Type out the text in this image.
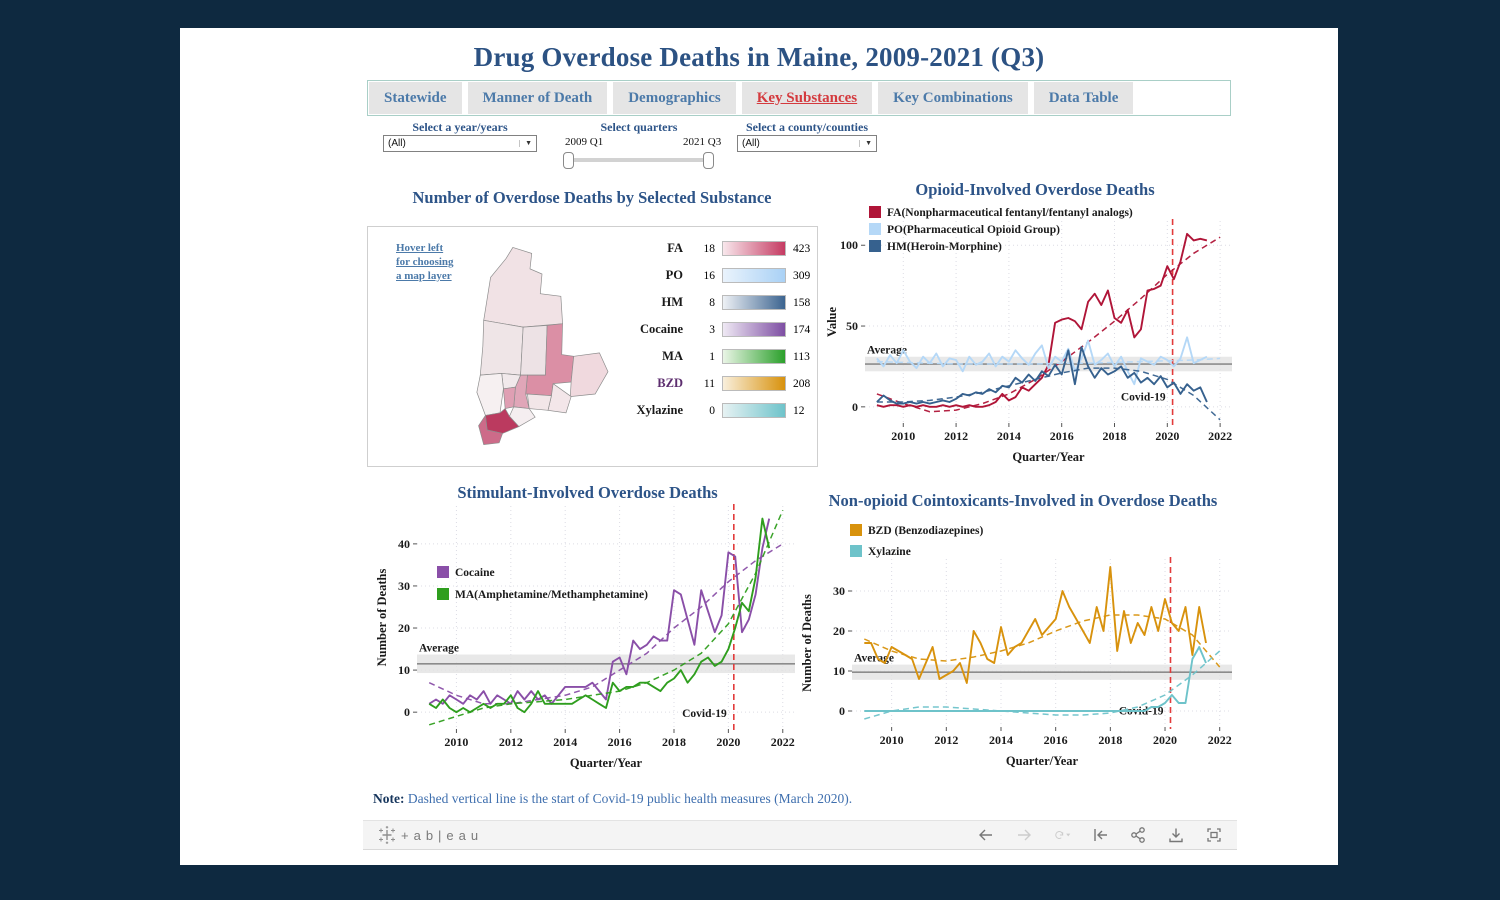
Drug Overdose Deaths in Maine, 2009-2021 (Q3)
Statewide	Manner of Death	Demographics	Key Substances	Key Combinations	Data Table
Select a year/years
(All)	▼
Select quarters
2009 Q1	2021 Q3
Select a county/counties
(All)	▼
Number of Overdose Deaths by Selected Substance
Hover left
for choosing
a map layer
FA	18	423
PO	16	309
HM	8	158
Cocaine	3	174
MA	1	113
BZD	11	208
Xylazine	0	12
Opioid-Involved Overdose Deaths
Average
Covid-19
0
50
100
2010 2012 2014 2016 2018 2020 2022
Quarter/Year
Value
FA(Nonpharmaceutical fentanyl/fentanyl analogs)
PO(Pharmaceutical Opioid Group)
HM(Heroin-Morphine)
Stimulant-Involved Overdose Deaths
Average
Covid-19
0
10
20
30
40
2010	2012	2014	2016	2018	2020	2022
Quarter/Year
Number of Deaths	Cocaine
MA(Amphetamine/Methamphetamine)
Non-opioid Cointoxicants-Involved in Overdose Deaths
Average
Covid-19
0
10
20
30
2010	2012	2014	2016	2018	2020	2022
Quarter/Year
Number of Deaths
BZD (Benzodiazepines)
Xylazine
Note: Dashed vertical line is the start of Covid-19 public health measures (March 2020).
+ab|eau
